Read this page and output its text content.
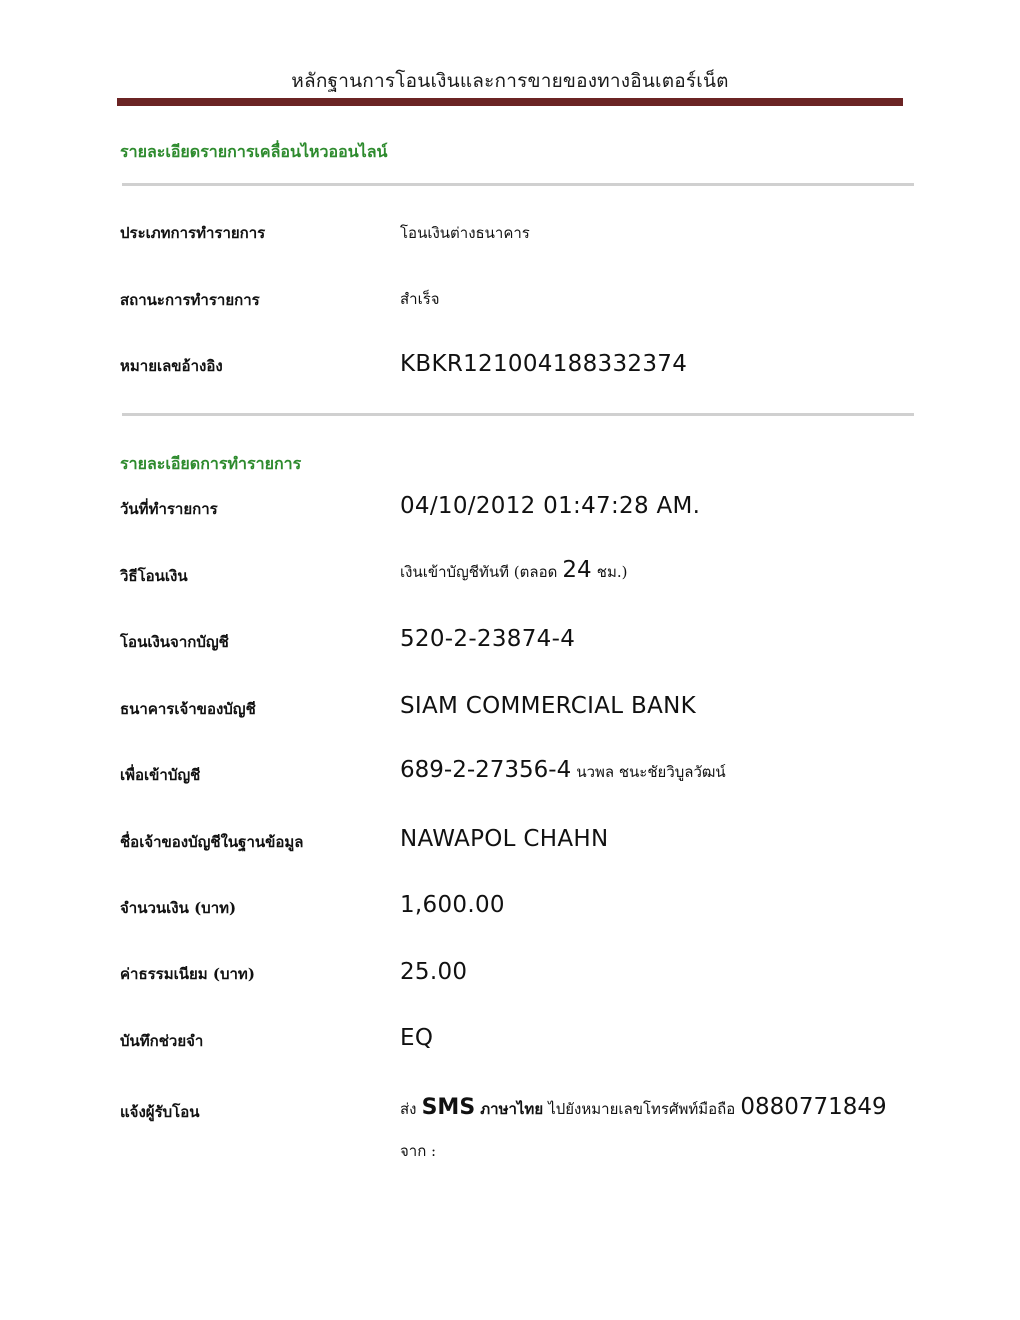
หลักฐานการโอนเงินและการขายของทางอินเตอร์เน็ต
รายละเอียดรายการเคลื่อนไหวออนไลน์
ประเภทการทำรายการ	โอนเงินต่างธนาคาร
สถานะการทำรายการ	สำเร็จ
หมายเลขอ้างอิง	KBKR121004188332374
รายละเอียดการทำรายการ
วันที่ทำรายการ	04/10/2012 01:47:28 AM.
วิธีโอนเงิน	เงินเข้าบัญชีทันที (ตลอด 24 ชม.)
โอนเงินจากบัญชี	520-2-23874-4
ธนาคารเจ้าของบัญชี	SIAM COMMERCIAL BANK
เพื่อเข้าบัญชี	689-2-27356-4 นวพล ชนะชัยวิบูลวัฒน์
ชื่อเจ้าของบัญชีในฐานข้อมูล	NAWAPOL CHAHN
จำนวนเงิน (บาท)	1,600.00
ค่าธรรมเนียม (บาท)	25.00
บันทึกช่วยจำ	EQ
แจ้งผู้รับโอน	ส่ง SMS ภาษาไทย ไปยังหมายเลขโทรศัพท์มือถือ 0880771849
จาก :
